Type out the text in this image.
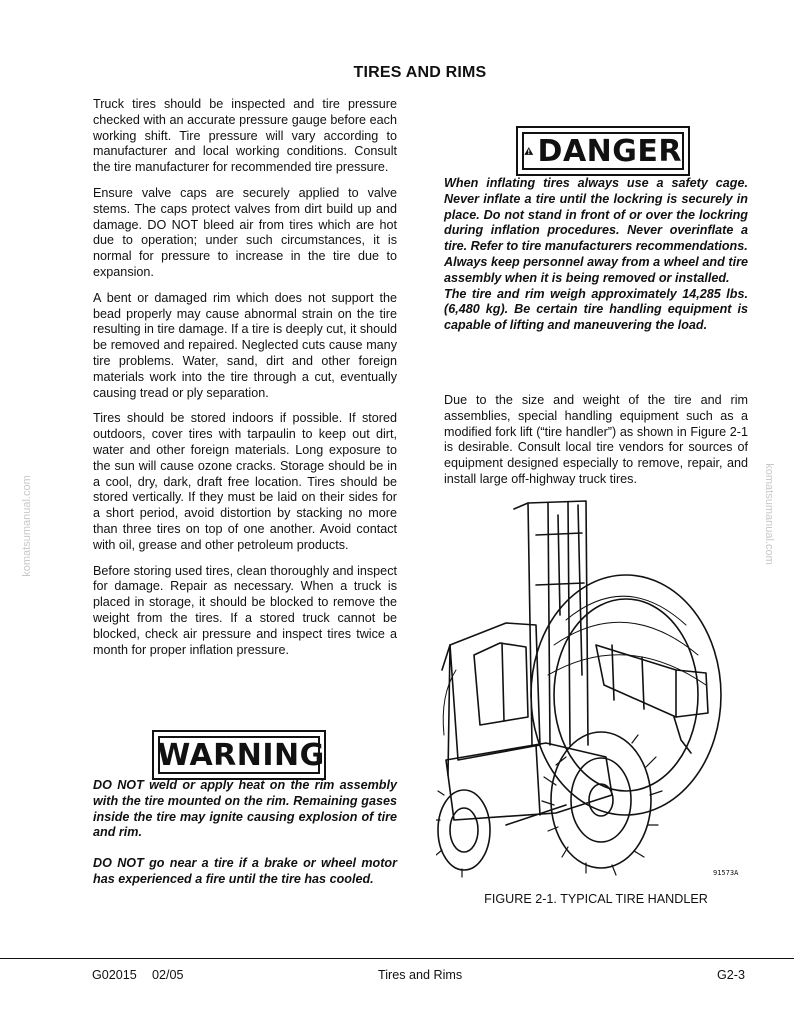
TIRES AND RIMS

Truck tires should be inspected and tire pressure checked with an accurate pressure gauge before each working shift. Tire pressure will vary according to manufacturer and local working conditions. Consult the tire manufacturer for recommended tire pressure.

Ensure valve caps are securely applied to valve stems. The caps protect valves from dirt build up and damage. DO NOT bleed air from tires which are hot due to operation; under such circumstances, it is normal for pressure to increase in the tire due to expansion.

A bent or damaged rim which does not support the bead properly may cause abnormal strain on the tire resulting in tire damage. If a tire is deeply cut, it should be removed and repaired. Neglected cuts cause many tire problems. Water, sand, dirt and other foreign materials work into the tire through a cut, eventually causing tread or ply separation.

Tires should be stored indoors if possible. If stored outdoors, cover tires with tarpaulin to keep out dirt, water and other foreign materials. Long exposure to the sun will cause ozone cracks. Storage should be in a cool, dry, dark, draft free location. Tires should be stored vertically. If they must be laid on their sides for a short period, avoid distortion by stacking no more than three tires on top of one another. Avoid contact with oil, grease and other petroleum products.

Before storing used tires, clean thoroughly and inspect for damage. Repair as necessary. When a truck is placed in storage, it should be blocked to remove the weight from the tires. If a stored truck cannot be blocked, check air pressure and inspect tires twice a month for proper inflation pressure.

WARNING

DO NOT weld or apply heat on the rim assembly with the tire mounted on the rim. Remaining gases inside the tire may ignite causing explosion of tire and rim.

DO NOT go near a tire if a brake or wheel motor has experienced a fire until the tire has cooled.

DANGER

When inflating tires always use a safety cage. Never inflate a tire until the lockring is securely in place. Do not stand in front of or over the lockring during inflation procedures. Never overinflate a tire. Refer to tire manufacturers recommendations.

Always keep personnel away from a wheel and tire assembly when it is being removed or installed.

The tire and rim weigh approximately 14,285 lbs. (6,480 kg). Be certain tire handling equipment is capable of lifting and maneuvering the load.

Due to the size and weight of the tire and rim assemblies, special handling equipment such as a modified fork lift (“tire handler”) as shown in Figure 2-1 is desirable. Consult local tire vendors for sources of equipment designed especially to remove, repair, and install large off-highway truck tires.

91573A
FIGURE 2-1. TYPICAL TIRE HANDLER
komatsumanual.com	komatsumanual.com
G02015 02/05	Tires and Rims	G2-3
